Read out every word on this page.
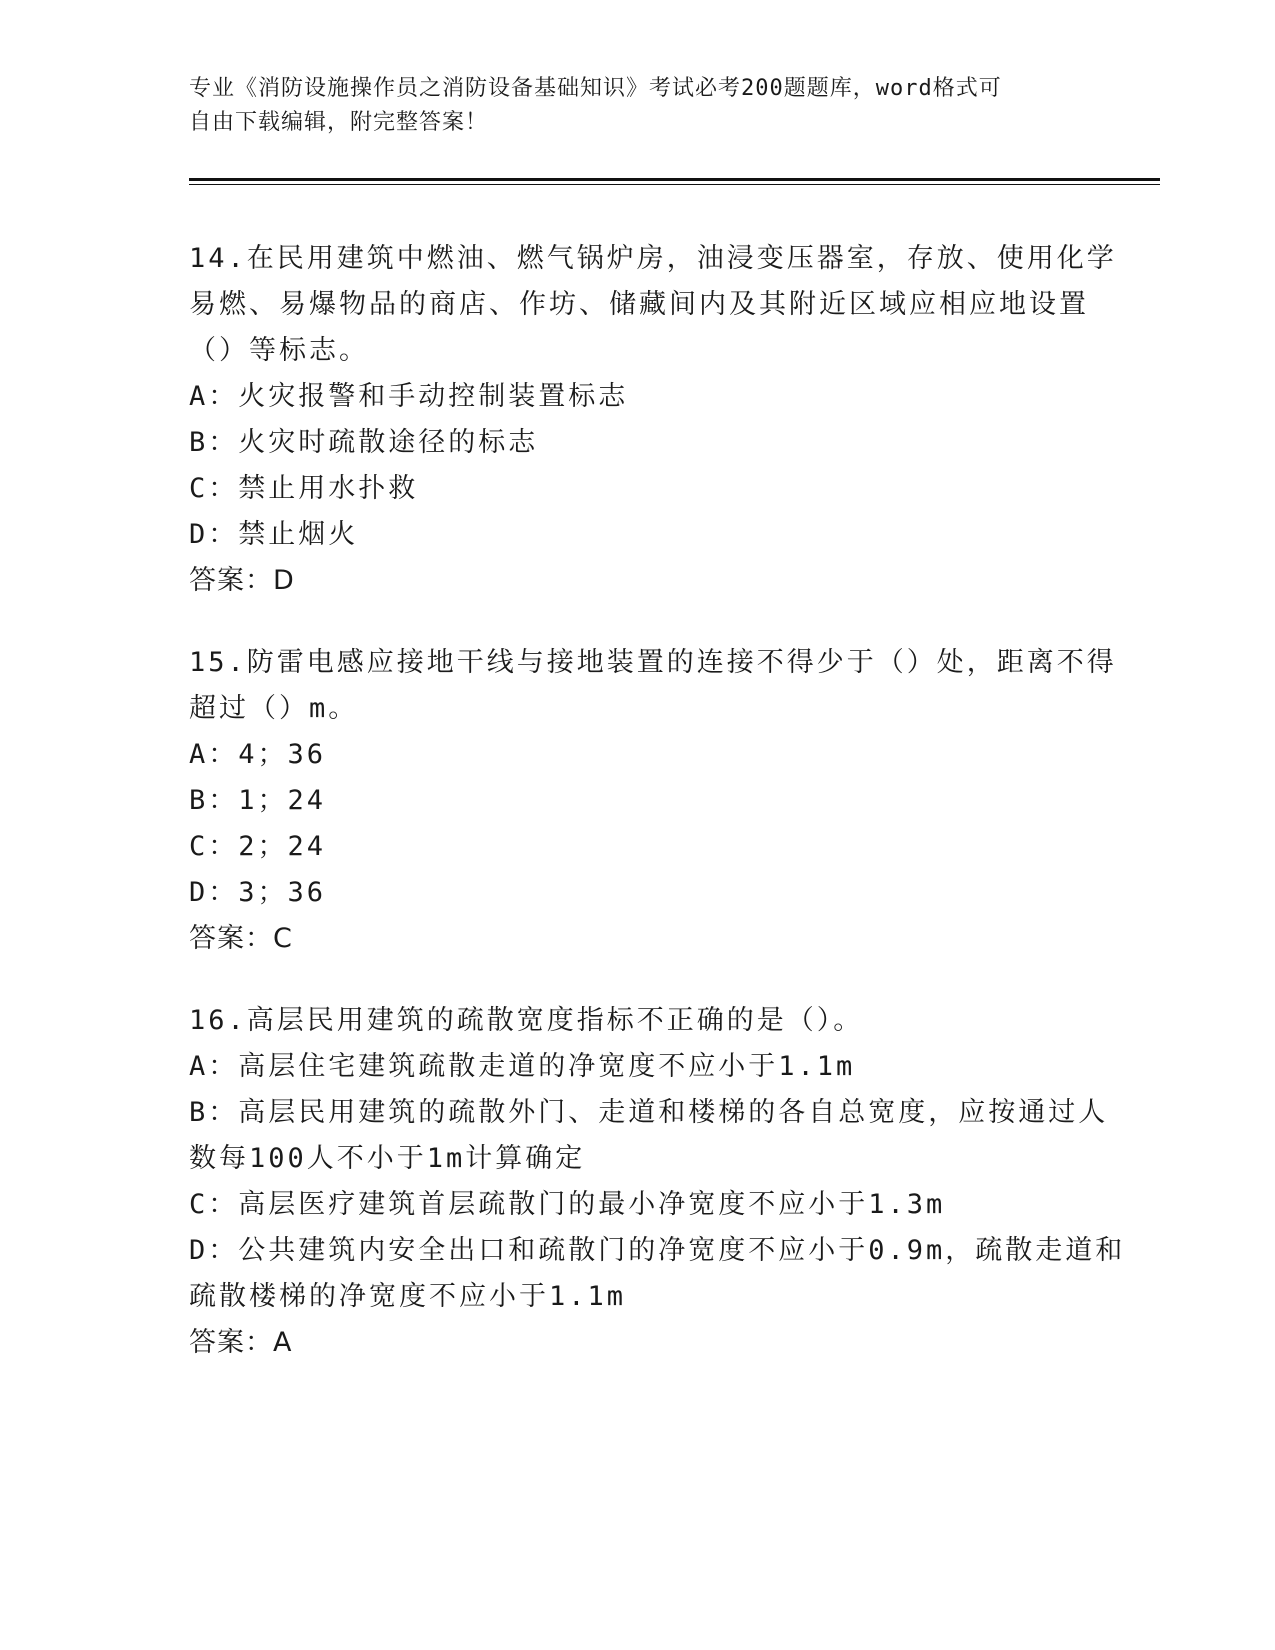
专业《消防设施操作员之消防设备基础知识》考试必考200题题库，word格式可
自由下载编辑，附完整答案！
14.在民用建筑中燃油、燃气锅炉房，油浸变压器室，存放、使用化学
易燃、易爆物品的商店、作坊、储藏间内及其附近区域应相应地设置
（）等标志。
A：火灾报警和手动控制装置标志
B：火灾时疏散途径的标志
C：禁止用水扑救
D：禁止烟火
答案：D
15.防雷电感应接地干线与接地装置的连接不得少于（）处，距离不得
超过（）m。
A：4；36
B：1；24
C：2；24
D：3；36
答案：C
16.高层民用建筑的疏散宽度指标不正确的是（）。
A：高层住宅建筑疏散走道的净宽度不应小于1.1m
B：高层民用建筑的疏散外门、走道和楼梯的各自总宽度，应按通过人
数每100人不小于1m计算确定
C：高层医疗建筑首层疏散门的最小净宽度不应小于1.3m
D：公共建筑内安全出口和疏散门的净宽度不应小于0.9m，疏散走道和
疏散楼梯的净宽度不应小于1.1m
答案：A
